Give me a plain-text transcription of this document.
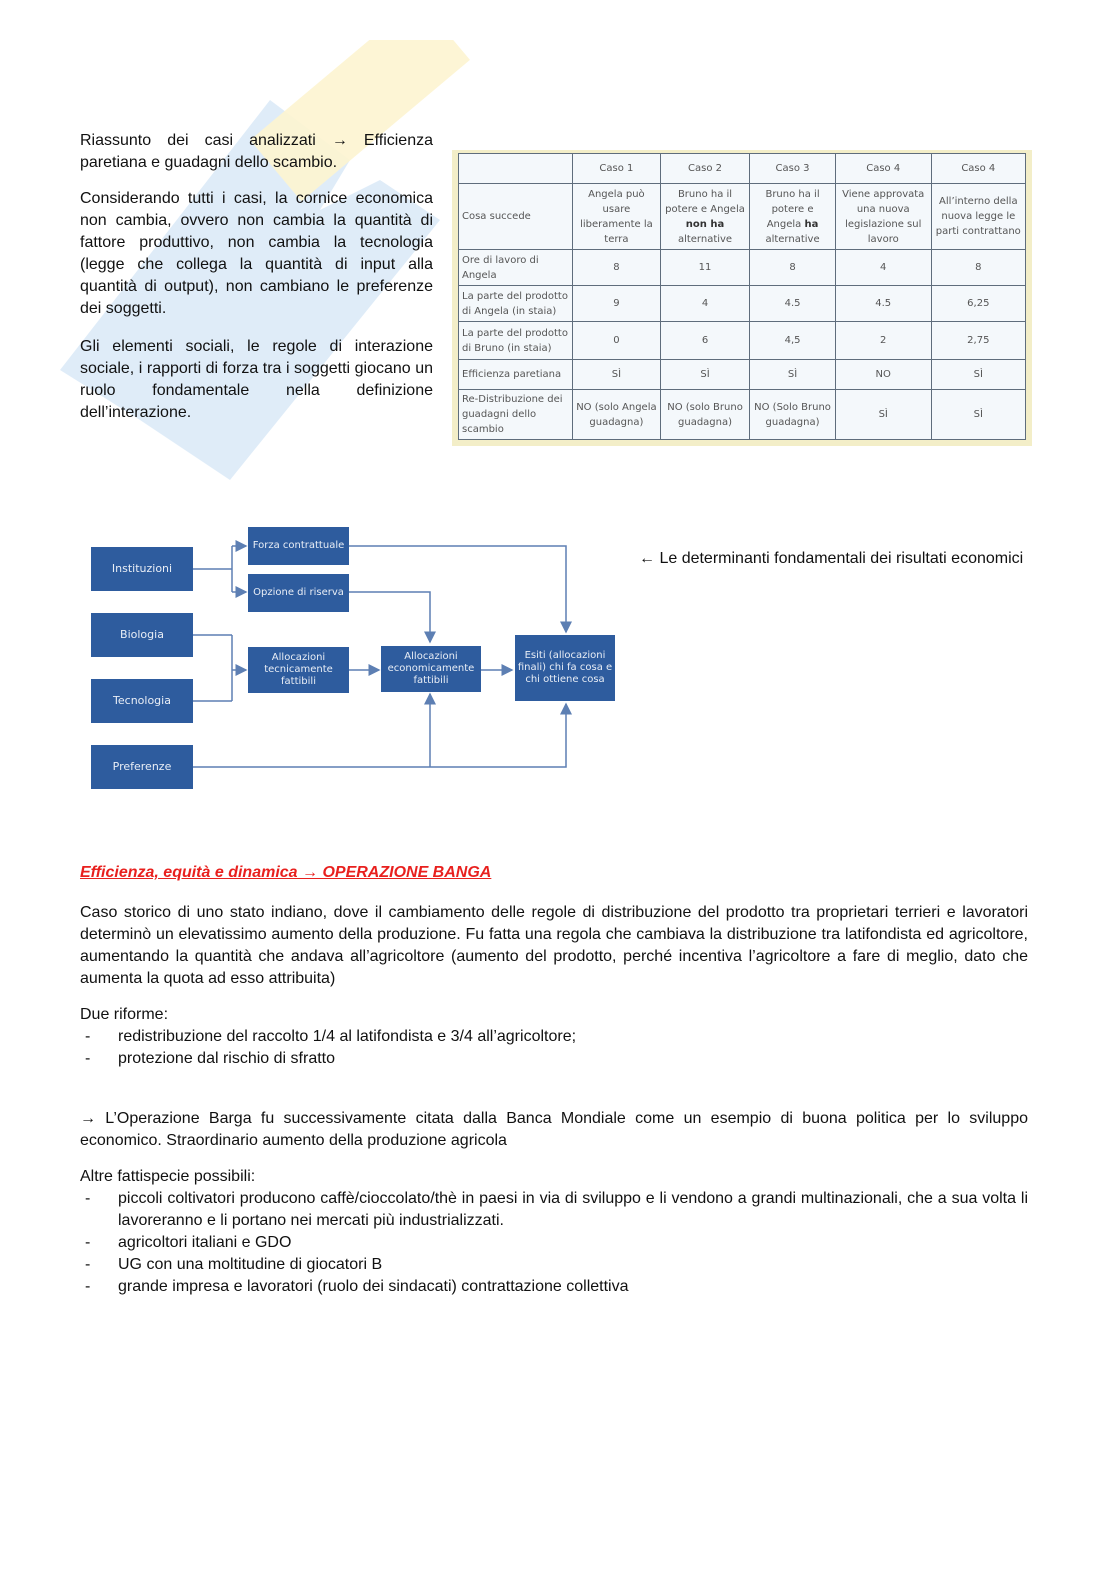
Riassunto dei casi analizzati → Efficienza paretiana e guadagni dello scambio.

Considerando tutti i casi, la cornice economica non cambia, ovvero non cambia la quantità di fattore produttivo, non cambia la tecnologia (legge che collega la quantità di input alla quantità di output), non cambiano le preferenze dei soggetti.

Gli elementi sociali, le regole di interazione sociale, i rapporti di forza tra i soggetti giocano un ruolo fondamentale nella definizione dell’interazione.

	Caso 1	Caso 2	Caso 3	Caso 4	Caso 4
Cosa succede	Angela può usare liberamente la terra	Bruno ha il potere e Angela non ha alternative	Bruno ha il potere e Angela ha alternative	Viene approvata una nuova legislazione sul lavoro	All’interno della nuova legge le parti contrattano
Ore di lavoro di Angela	8	11	8	4	8
La parte del prodotto di Angela (in staia)	9	4	4.5	4.5	6,25
La parte del prodotto di Bruno (in staia)	0	6	4,5	2	2,75
Efficienza paretiana	SÌ	SÌ	SÌ	NO	SÌ
Re-Distribuzione dei guadagni dello scambio	NO (solo Angela guadagna)	NO (solo Bruno guadagna)	NO (Solo Bruno guadagna)	SÌ	SÌ
Instituzioni
Biologia
Tecnologia
Preferenze
Forza contrattuale
Opzione di riserva
Allocazioni tecnicamente fattibili
Allocazioni economicamente fattibili
Esiti (allocazioni finali) chi fa cosa e chi ottiene cosa

← Le determinanti fondamentali dei risultati economici

Efficienza, equità e dinamica → OPERAZIONE BANGA

Caso storico di uno stato indiano, dove il cambiamento delle regole di distribuzione del prodotto tra proprietari terrieri e lavoratori determinò un elevatissimo aumento della produzione. Fu fatta una regola che cambiava la distribuzione tra latifondista ed agricoltore, aumentando la quantità che andava all’agricoltore (aumento del prodotto, perché incentiva l’agricoltore a fare di meglio, dato che aumenta la quota ad esso attribuita)

Due riforme:

- redistribuzione del raccolto 1/4 al latifondista e 3/4 all’agricoltore;
- protezione dal rischio di sfratto

→ L’Operazione Barga fu successivamente citata dalla Banca Mondiale come un esempio di buona politica per lo sviluppo economico. Straordinario aumento della produzione agricola

Altre fattispecie possibili:

- piccoli coltivatori producono caffè/cioccolato/thè in paesi in via di sviluppo e li vendono a grandi multinazionali, che a sua volta li lavoreranno e li portano nei mercati più industrializzati.
- agricoltori italiani e GDO
- UG con una moltitudine di giocatori B
- grande impresa e lavoratori (ruolo dei sindacati) contrattazione collettiva
